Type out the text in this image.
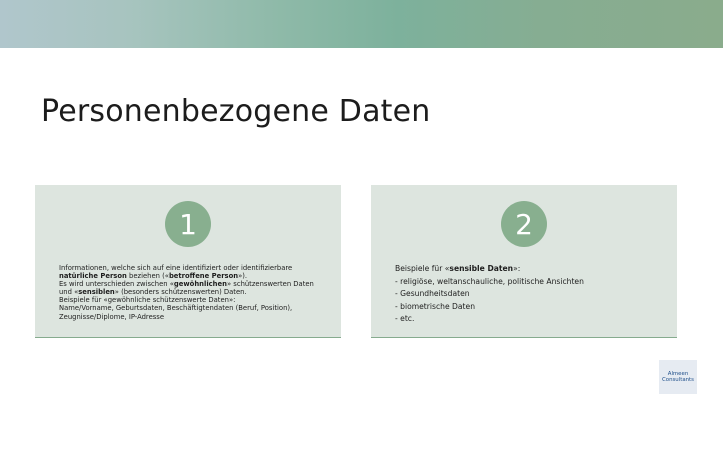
Personenbezogene Daten
1

Informationen, welche sich auf eine identifiziert oder identifizierbare

natürliche Person beziehen («betroffene Person»).

Es wird unterschieden zwischen «gewöhnlichen» schützenswerten Daten

und «sensiblen» (besonders schützenswerten) Daten.

Beispiele für «gewöhnliche schützenswerte Daten»:

Name/Vorname, Geburtsdaten, Beschäftigtendaten (Beruf, Position),

Zeugnisse/Diplome, IP-Adresse

2

Beispiele für «sensible Daten»:

- religiöse, weltanschauliche, politische Ansichten

- Gesundheitsdaten

- biometrische Daten

- etc.

Almeen
Consultants
